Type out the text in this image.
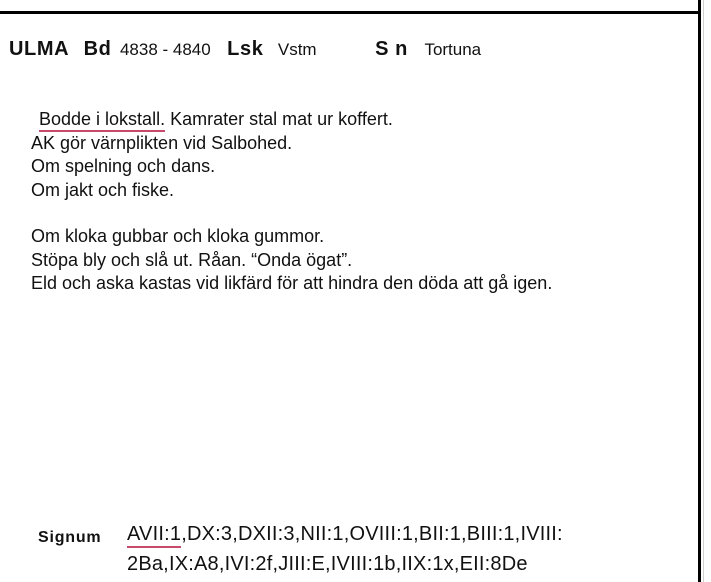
ULMA Bd 4838 - 4840 Lsk Vstm	S n Tortuna
Bodde i lokstall. Kamrater stal mat ur koffert.
AK gör värnplikten vid Salbohed.
Om spelning och dans.
Om jakt och fiske.
Om kloka gubbar och kloka gummor.
Stöpa bly och slå ut. Råan. “Onda ögat”.
Eld och aska kastas vid likfärd för att hindra den döda att gå igen.
Signum AVII:1,DX:3,DXII:3,NII:1,OVIII:1,BII:1,BIII:1,IVIII:
2Ba,IX:A8,IVI:2f,JIII:E,IVIII:1b,IIX:1x,EII:8De
